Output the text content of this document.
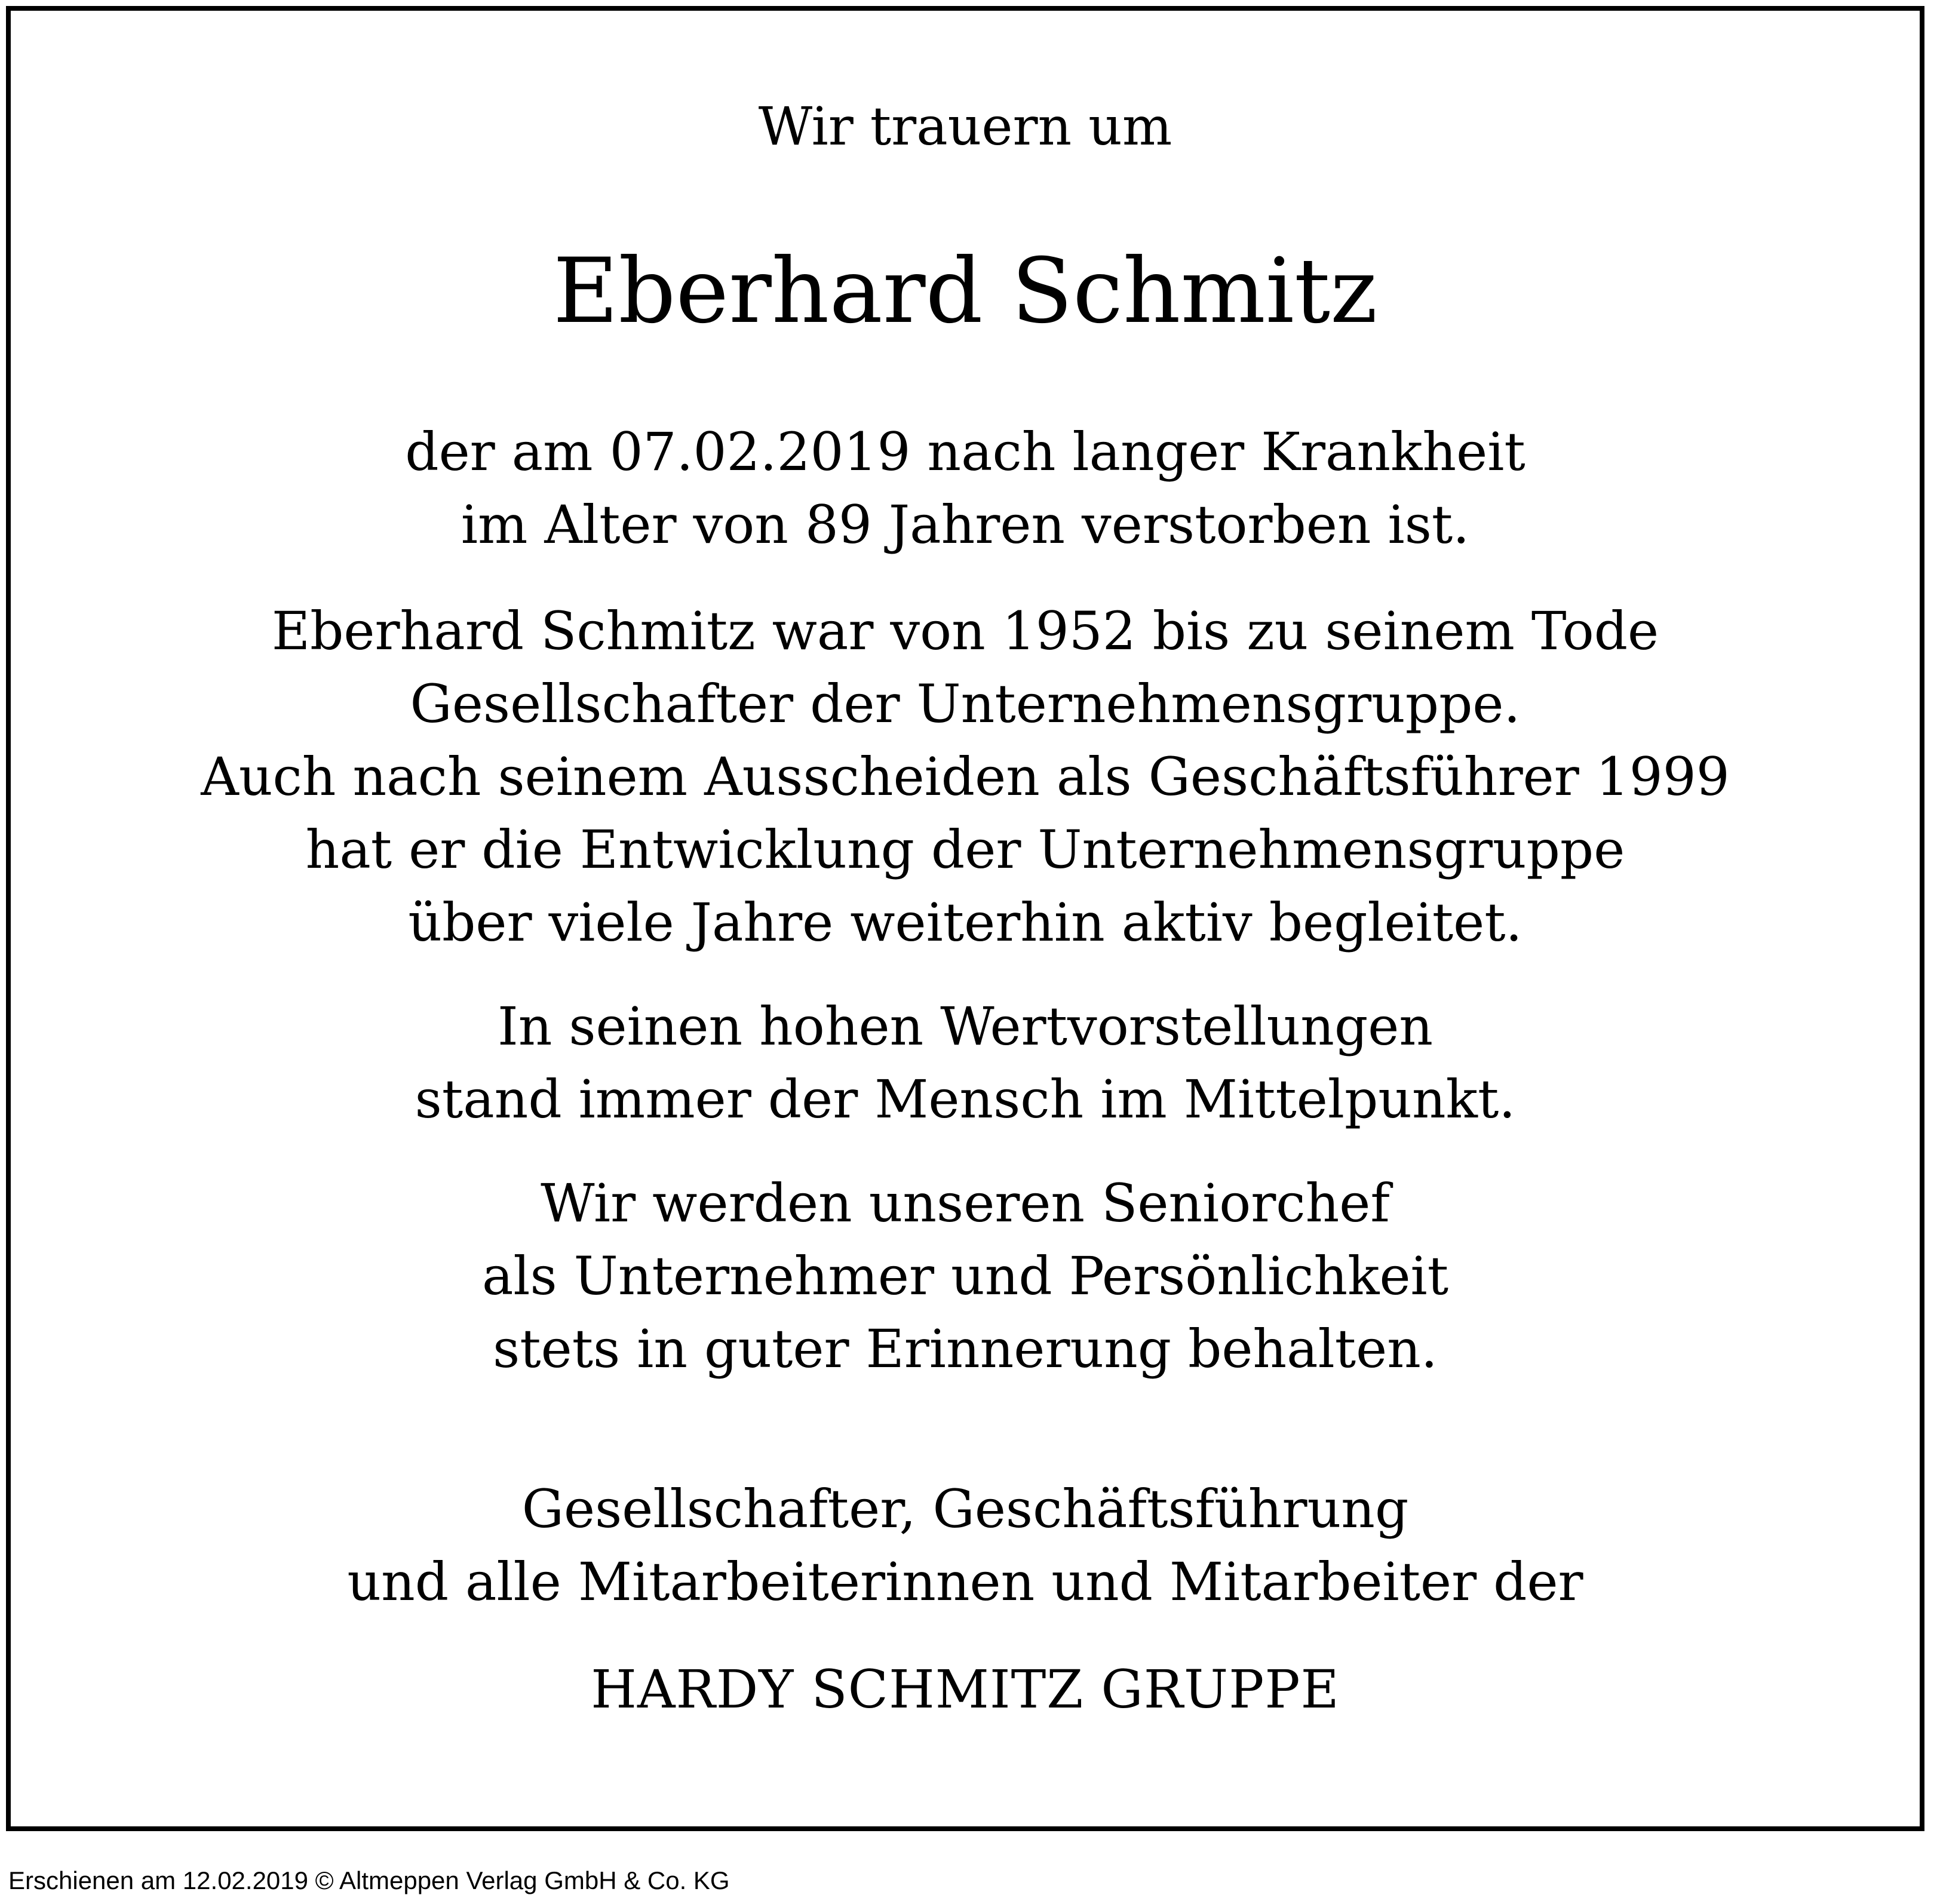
Wir trauern um
Eberhard Schmitz
der am 07.02.2019 nach langer Krankheit
im Alter von 89 Jahren verstorben ist.
Eberhard Schmitz war von 1952 bis zu seinem Tode
Gesellschafter der Unternehmensgruppe.
Auch nach seinem Ausscheiden als Geschäftsführer 1999
hat er die Entwicklung der Unternehmensgruppe
über viele Jahre weiterhin aktiv begleitet.
In seinen hohen Wertvorstellungen
stand immer der Mensch im Mittelpunkt.
Wir werden unseren Seniorchef
als Unternehmer und Persönlichkeit
stets in guter Erinnerung behalten.
Gesellschafter, Geschäftsführung
und alle Mitarbeiterinnen und Mitarbeiter der
HARDY SCHMITZ GRUPPE
Erschienen am 12.02.2019 © Altmeppen Verlag GmbH & Co. KG
